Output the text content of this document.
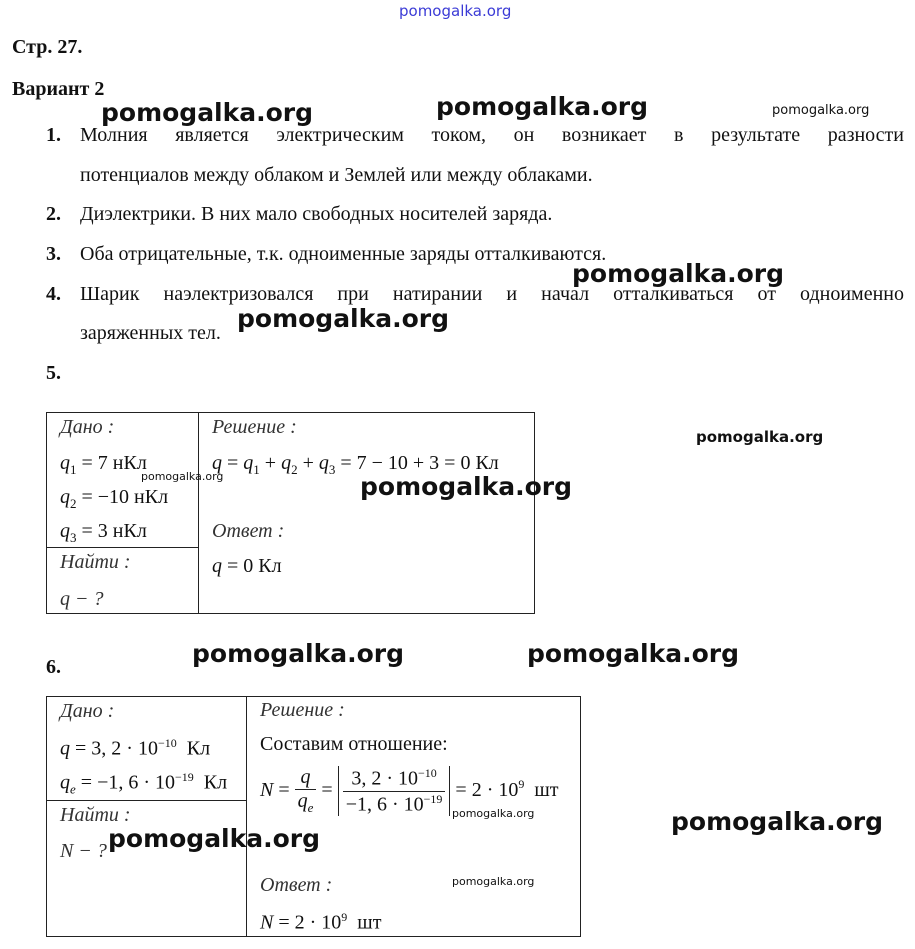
pomogalka.org
Стр. 27.
Вариант 2
1. Молния является электрическим током, он возникает в результате разности
потенциалов между облаком и Землей или между облаками.
2. Диэлектрики. В них мало свободных носителей заряда.
3. Оба отрицательные, т.к. одноименные заряды отталкиваются.
4. Шарик наэлектризовался при натирании и начал отталкиваться от одноименно
заряженных тел.
5.
Дано :
$q_1 = 7$ нКл
$q_2 = -10$ нКл
$q_3 = 3$ нКл
Найти :
q − ?
Решение :
$q = q_1 + q_2 + q_3 = 7 - 10 + 3 = 0$ Кл
Ответ :
q = 0 Кл
6.
Дано :
q = 3, $2 \cdot 10^{-10}$ Кл
$q_e = -1$, $6 \cdot 10^{-19}$ Кл
Найти :
N − ?
Решение :
Составим отношение:
$N = \frac{q}{q_e} = \frac{3, 2 \cdot 10^{-10}}{-1, 6 \cdot 10^{-19}} = 2 \cdot 10^9$ шт
Ответ :
$N = 2 \cdot 10^9$ шт
pomogalka.org	pomogalka.org	pomogalka.org
pomogalka.org
pomogalka.org
pomogalka.org
pomogalka.org	pomogalka.org
pomogalka.org	pomogalka.org
pomogalka.org	pomogalka.org
pomogalka.org
pomogalka.org
